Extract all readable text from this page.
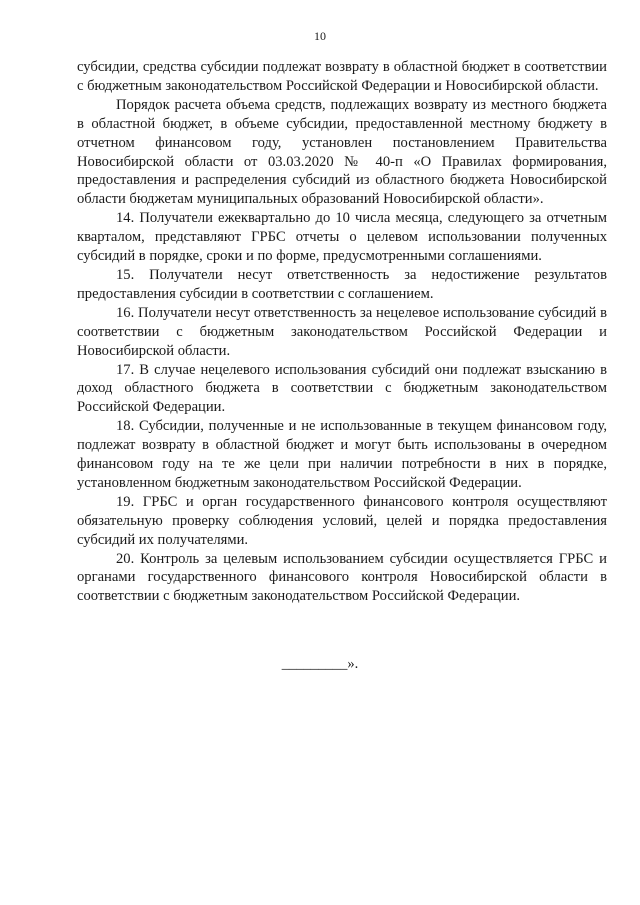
10

субсидии, средства субсидии подлежат возврату в областной бюджет в соответствии с бюджетным законодательством Российской Федерации и Новосибирской области.

Порядок расчета объема средств, подлежащих возврату из местного бюджета в областной бюджет, в объеме субсидии, предоставленной местному бюджету в отчетном финансовом году, установлен постановлением Правительства Новосибирской области от 03.03.2020 № 40-п «О Правилах формирования, предоставления и распределения субсидий из областного бюджета Новосибирской области бюджетам муниципальных образований Новосибирской области».

14. Получатели ежеквартально до 10 числа месяца, следующего за отчетным кварталом, представляют ГРБС отчеты о целевом использовании полученных субсидий в порядке, сроки и по форме, предусмотренными соглашениями.

15. Получатели несут ответственность за недостижение результатов предоставления субсидии в соответствии с соглашением.

16. Получатели несут ответственность за нецелевое использование субсидий в соответствии с бюджетным законодательством Российской Федерации и Новосибирской области.

17. В случае нецелевого использования субсидий они подлежат взысканию в доход областного бюджета в соответствии с бюджетным законодательством Российской Федерации.

18. Субсидии, полученные и не использованные в текущем финансовом году, подлежат возврату в областной бюджет и могут быть использованы в очередном финансовом году на те же цели при наличии потребности в них в порядке, установленном бюджетным законодательством Российской Федерации.

19. ГРБС и орган государственного финансового контроля осуществляют обязательную проверку соблюдения условий, целей и порядка предоставления субсидий их получателями.

20. Контроль за целевым использованием субсидии осуществляется ГРБС и органами государственного финансового контроля Новосибирской области в соответствии с бюджетным законодательством Российской Федерации.

_________».
